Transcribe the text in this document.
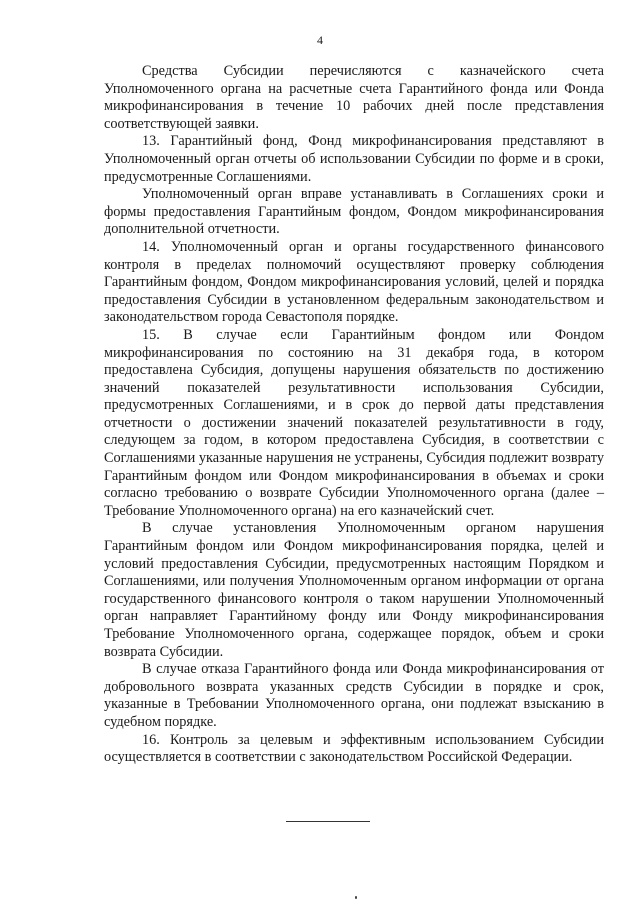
4

Средства Субсидии перечисляются с казначейского счета Уполномоченного органа на расчетные счета Гарантийного фонда или Фонда микрофинансирования в течение 10 рабочих дней после представления соответствующей заявки.

13. Гарантийный фонд, Фонд микрофинансирования представляют в Уполномоченный орган отчеты об использовании Субсидии по форме и в сроки, предусмотренные Соглашениями.

Уполномоченный орган вправе устанавливать в Соглашениях сроки и формы предоставления Гарантийным фондом, Фондом микрофинансирования дополнительной отчетности.

14. Уполномоченный орган и органы государственного финансового контроля в пределах полномочий осуществляют проверку соблюдения Гарантийным фондом, Фондом микрофинансирования условий, целей и порядка предоставления Субсидии в установленном федеральным законодательством и законодательством города Севастополя порядке.

15. В случае если Гарантийным фондом или Фондом микрофинансирования по состоянию на 31 декабря года, в котором предоставлена Субсидия, допущены нарушения обязательств по достижению значений показателей результативности использования Субсидии, предусмотренных Соглашениями, и в срок до первой даты представления отчетности о достижении значений показателей результативности в году, следующем за годом, в котором предоставлена Субсидия, в соответствии с Соглашениями указанные нарушения не устранены, Субсидия подлежит возврату Гарантийным фондом или Фондом микрофинансирования в объемах и сроки согласно требованию о возврате Субсидии Уполномоченного органа (далее – Требование Уполномоченного органа) на его казначейский счет.

В случае установления Уполномоченным органом нарушения Гарантийным фондом или Фондом микрофинансирования порядка, целей и условий предоставления Субсидии, предусмотренных настоящим Порядком и Соглашениями, или получения Уполномоченным органом информации от органа государственного финансового контроля о таком нарушении Уполномоченный орган направляет Гарантийному фонду или Фонду микрофинансирования Требование Уполномоченного органа, содержащее порядок, объем и сроки возврата Субсидии.

В случае отказа Гарантийного фонда или Фонда микрофинансирования от добровольного возврата указанных средств Субсидии в порядке и срок, указанные в Требовании Уполномоченного органа, они подлежат взысканию в судебном порядке.

16. Контроль за целевым и эффективным использованием Субсидии осуществляется в соответствии с законодательством Российской Федерации.
